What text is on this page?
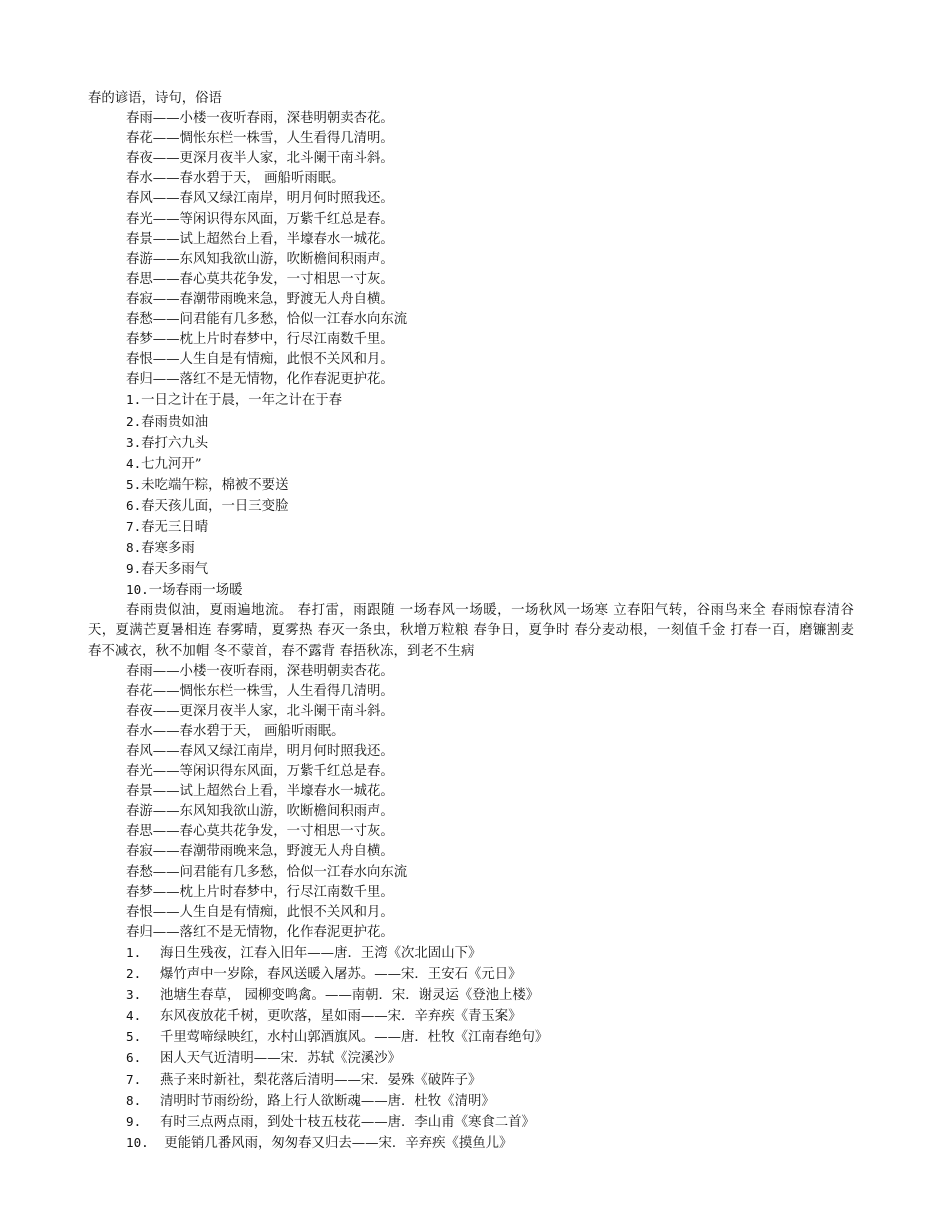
春的谚语，诗句，俗语

春雨——小楼一夜听春雨，深巷明朝卖杏花。

春花——惆怅东栏一株雪，人生看得几清明。

春夜——更深月夜半人家，北斗阑干南斗斜。

春水——春水碧于天， 画船听雨眠。

春风——春风又绿江南岸，明月何时照我还。

春光——等闲识得东风面，万紫千红总是春。

春景——试上超然台上看，半壕春水一城花。

春游——东风知我欲山游，吹断檐间积雨声。

春思——春心莫共花争发，一寸相思一寸灰。

春寂——春潮带雨晚来急，野渡无人舟自横。

春愁——问君能有几多愁，恰似一江春水向东流

春梦——枕上片时春梦中，行尽江南数千里。

春恨——人生自是有情痴，此恨不关风和月。

春归——落红不是无情物，化作春泥更护花。

1.一日之计在于晨，一年之计在于春

2.春雨贵如油

3.春打六九头

4.七九河开”

5.未吃端午粽，棉被不要送

6.春天孩儿面，一日三变脸

7.春无三日晴

8.春寒多雨

9.春天多雨气

10.一场春雨一场暖

春雨贵似油，夏雨遍地流。 春打雷，雨跟随 一场春风一场暖，一场秋风一场寒 立春阳气转，谷雨鸟来全 春雨惊春清谷天，夏满芒夏暑相连 春雾晴，夏雾热 春灭一条虫，秋增万粒粮 春争日，夏争时 春分麦动根，一刻值千金 打春一百，磨镰割麦 春不减衣，秋不加帽 冬不蒙首，春不露背 春捂秋冻，到老不生病

春雨——小楼一夜听春雨，深巷明朝卖杏花。

春花——惆怅东栏一株雪，人生看得几清明。

春夜——更深月夜半人家，北斗阑干南斗斜。

春水——春水碧于天， 画船听雨眠。

春风——春风又绿江南岸，明月何时照我还。

春光——等闲识得东风面，万紫千红总是春。

春景——试上超然台上看，半壕春水一城花。

春游——东风知我欲山游，吹断檐间积雨声。

春思——春心莫共花争发，一寸相思一寸灰。

春寂——春潮带雨晚来急，野渡无人舟自横。

春愁——问君能有几多愁，恰似一江春水向东流

春梦——枕上片时春梦中，行尽江南数千里。

春恨——人生自是有情痴，此恨不关风和月。

春归——落红不是无情物，化作春泥更护花。

1. 海日生残夜，江春入旧年——唐．王湾《次北固山下》

2. 爆竹声中一岁除，春风送暖入屠苏。——宋．王安石《元日》

3. 池塘生春草， 园柳变鸣禽。——南朝．宋．谢灵运《登池上楼》

4. 东风夜放花千树，更吹落，星如雨——宋．辛弃疾《青玉案》

5. 千里莺啼绿映红，水村山郭酒旗风。——唐．杜牧《江南春绝句》

6. 困人天气近清明——宋．苏轼《浣溪沙》

7. 燕子来时新社，梨花落后清明——宋．晏殊《破阵子》

8. 清明时节雨纷纷，路上行人欲断魂——唐．杜牧《清明》

9. 有时三点两点雨，到处十枝五枝花——唐．李山甫《寒食二首》

10. 更能销几番风雨，匆匆春又归去——宋．辛弃疾《摸鱼儿》
